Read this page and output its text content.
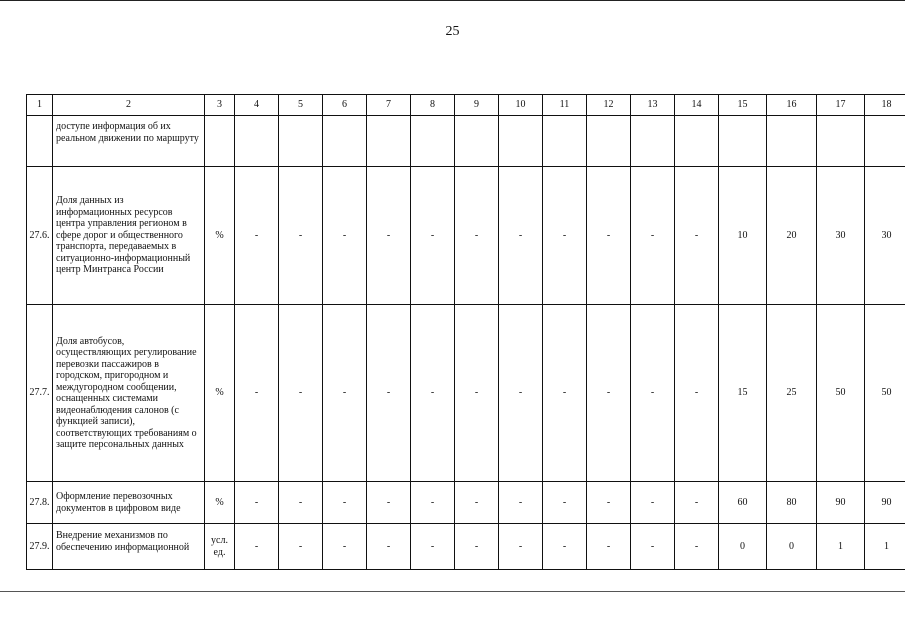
25
1	2	3	4	5	6	7	8	9	10	11	12	13	14	15	16	17	18
	доступе информация об их реальном движении по маршруту																
27.6.	Доля данных из информационных ресурсов центра управления регионом в сфере дорог и общественного транспорта, передаваемых в ситуационно-информационный центр Минтранса России	%	-	-	-	-	-	-	-	-	-	-	-	10	20	30	30
27.7.	Доля автобусов, осуществляющих регулирование перевозки пассажиров в городском, пригородном и междугородном сообщении, оснащенных системами видеонаблюдения салонов (с функцией записи), соответствующих требованиям о защите персональных данных	%	-	-	-	-	-	-	-	-	-	-	-	15	25	50	50
27.8.	Оформление перевозочных документов в цифровом виде	%	-	-	-	-	-	-	-	-	-	-	-	60	80	90	90
27.9.	Внедрение механизмов по обеспечению информационной	усл. ед.	-	-	-	-	-	-	-	-	-	-	-	0	0	1	1
